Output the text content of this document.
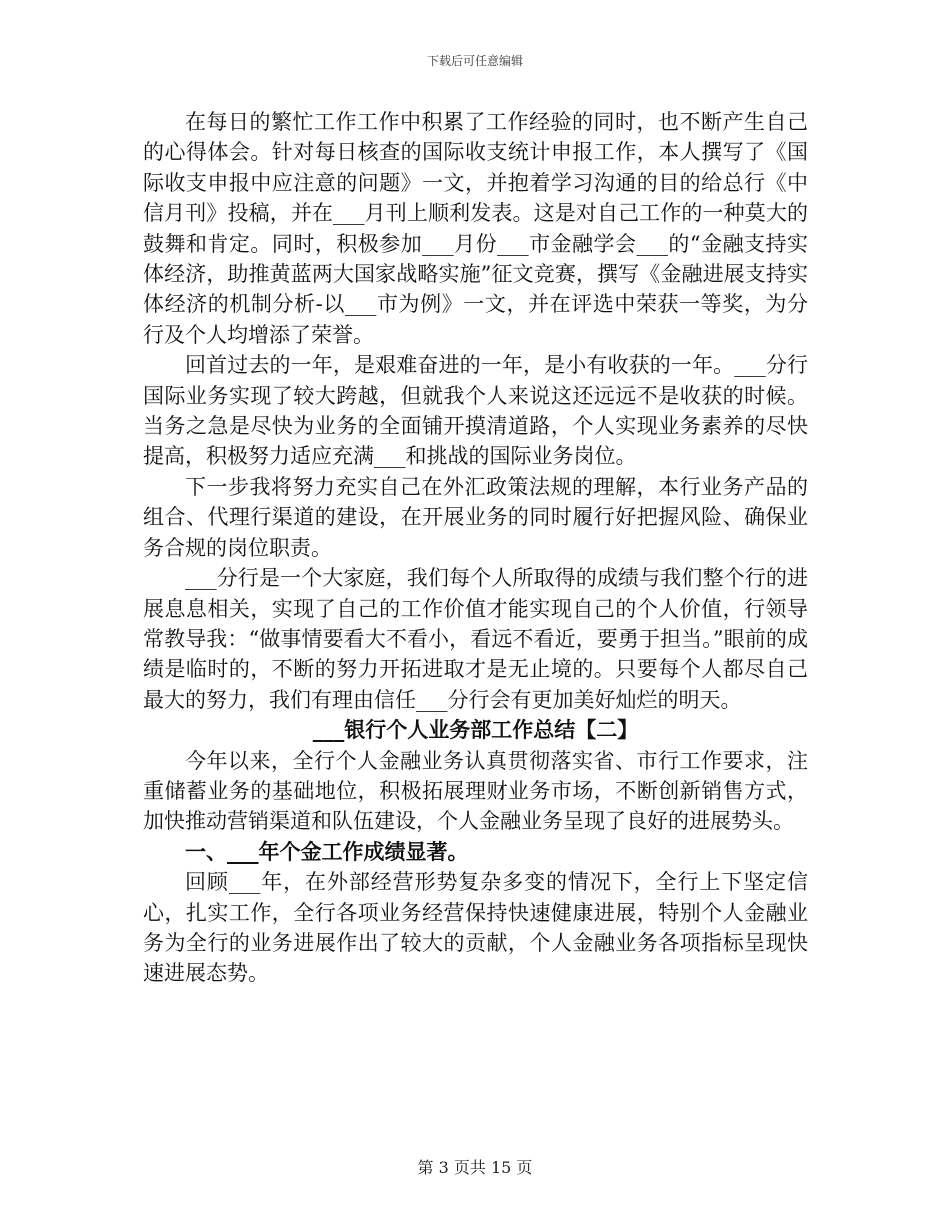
下载后可任意编辑

在每日的繁忙工作工作中积累了工作经验的同时，也不断产生自己的心得体会。针对每日核查的国际收支统计申报工作，本人撰写了《国际收支申报中应注意的问题》一文，并抱着学习沟通的目的给总行《中信月刊》投稿，并在___月刊上顺利发表。这是对自己工作的一种莫大的鼓舞和肯定。同时，积极参加___月份___市金融学会___的“金融支持实体经济，助推黄蓝两大国家战略实施”征文竞赛，撰写《金融进展支持实体经济的机制分析-以___市为例》一文，并在评选中荣获一等奖，为分行及个人均增添了荣誉。

回首过去的一年，是艰难奋进的一年，是小有收获的一年。___分行国际业务实现了较大跨越，但就我个人来说这还远远不是收获的时候。当务之急是尽快为业务的全面铺开摸清道路，个人实现业务素养的尽快提高，积极努力适应充满___和挑战的国际业务岗位。

下一步我将努力充实自己在外汇政策法规的理解，本行业务产品的组合、代理行渠道的建设，在开展业务的同时履行好把握风险、确保业务合规的岗位职责。

___分行是一个大家庭，我们每个人所取得的成绩与我们整个行的进展息息相关，实现了自己的工作价值才能实现自己的个人价值，行领导常教导我：“做事情要看大不看小，看远不看近，要勇于担当。”眼前的成绩是临时的，不断的努力开拓进取才是无止境的。只要每个人都尽自己最大的努力，我们有理由信任___分行会有更加美好灿烂的明天。

___银行个人业务部工作总结【二】

今年以来，全行个人金融业务认真贯彻落实省、市行工作要求，注重储蓄业务的基础地位，积极拓展理财业务市场，不断创新销售方式，加快推动营销渠道和队伍建设，个人金融业务呈现了良好的进展势头。

一、___年个金工作成绩显著。

回顾___年，在外部经营形势复杂多变的情况下，全行上下坚定信心，扎实工作，全行各项业务经营保持快速健康进展，特别个人金融业务为全行的业务进展作出了较大的贡献，个人金融业务各项指标呈现快速进展态势。

第 3 页共 15 页
